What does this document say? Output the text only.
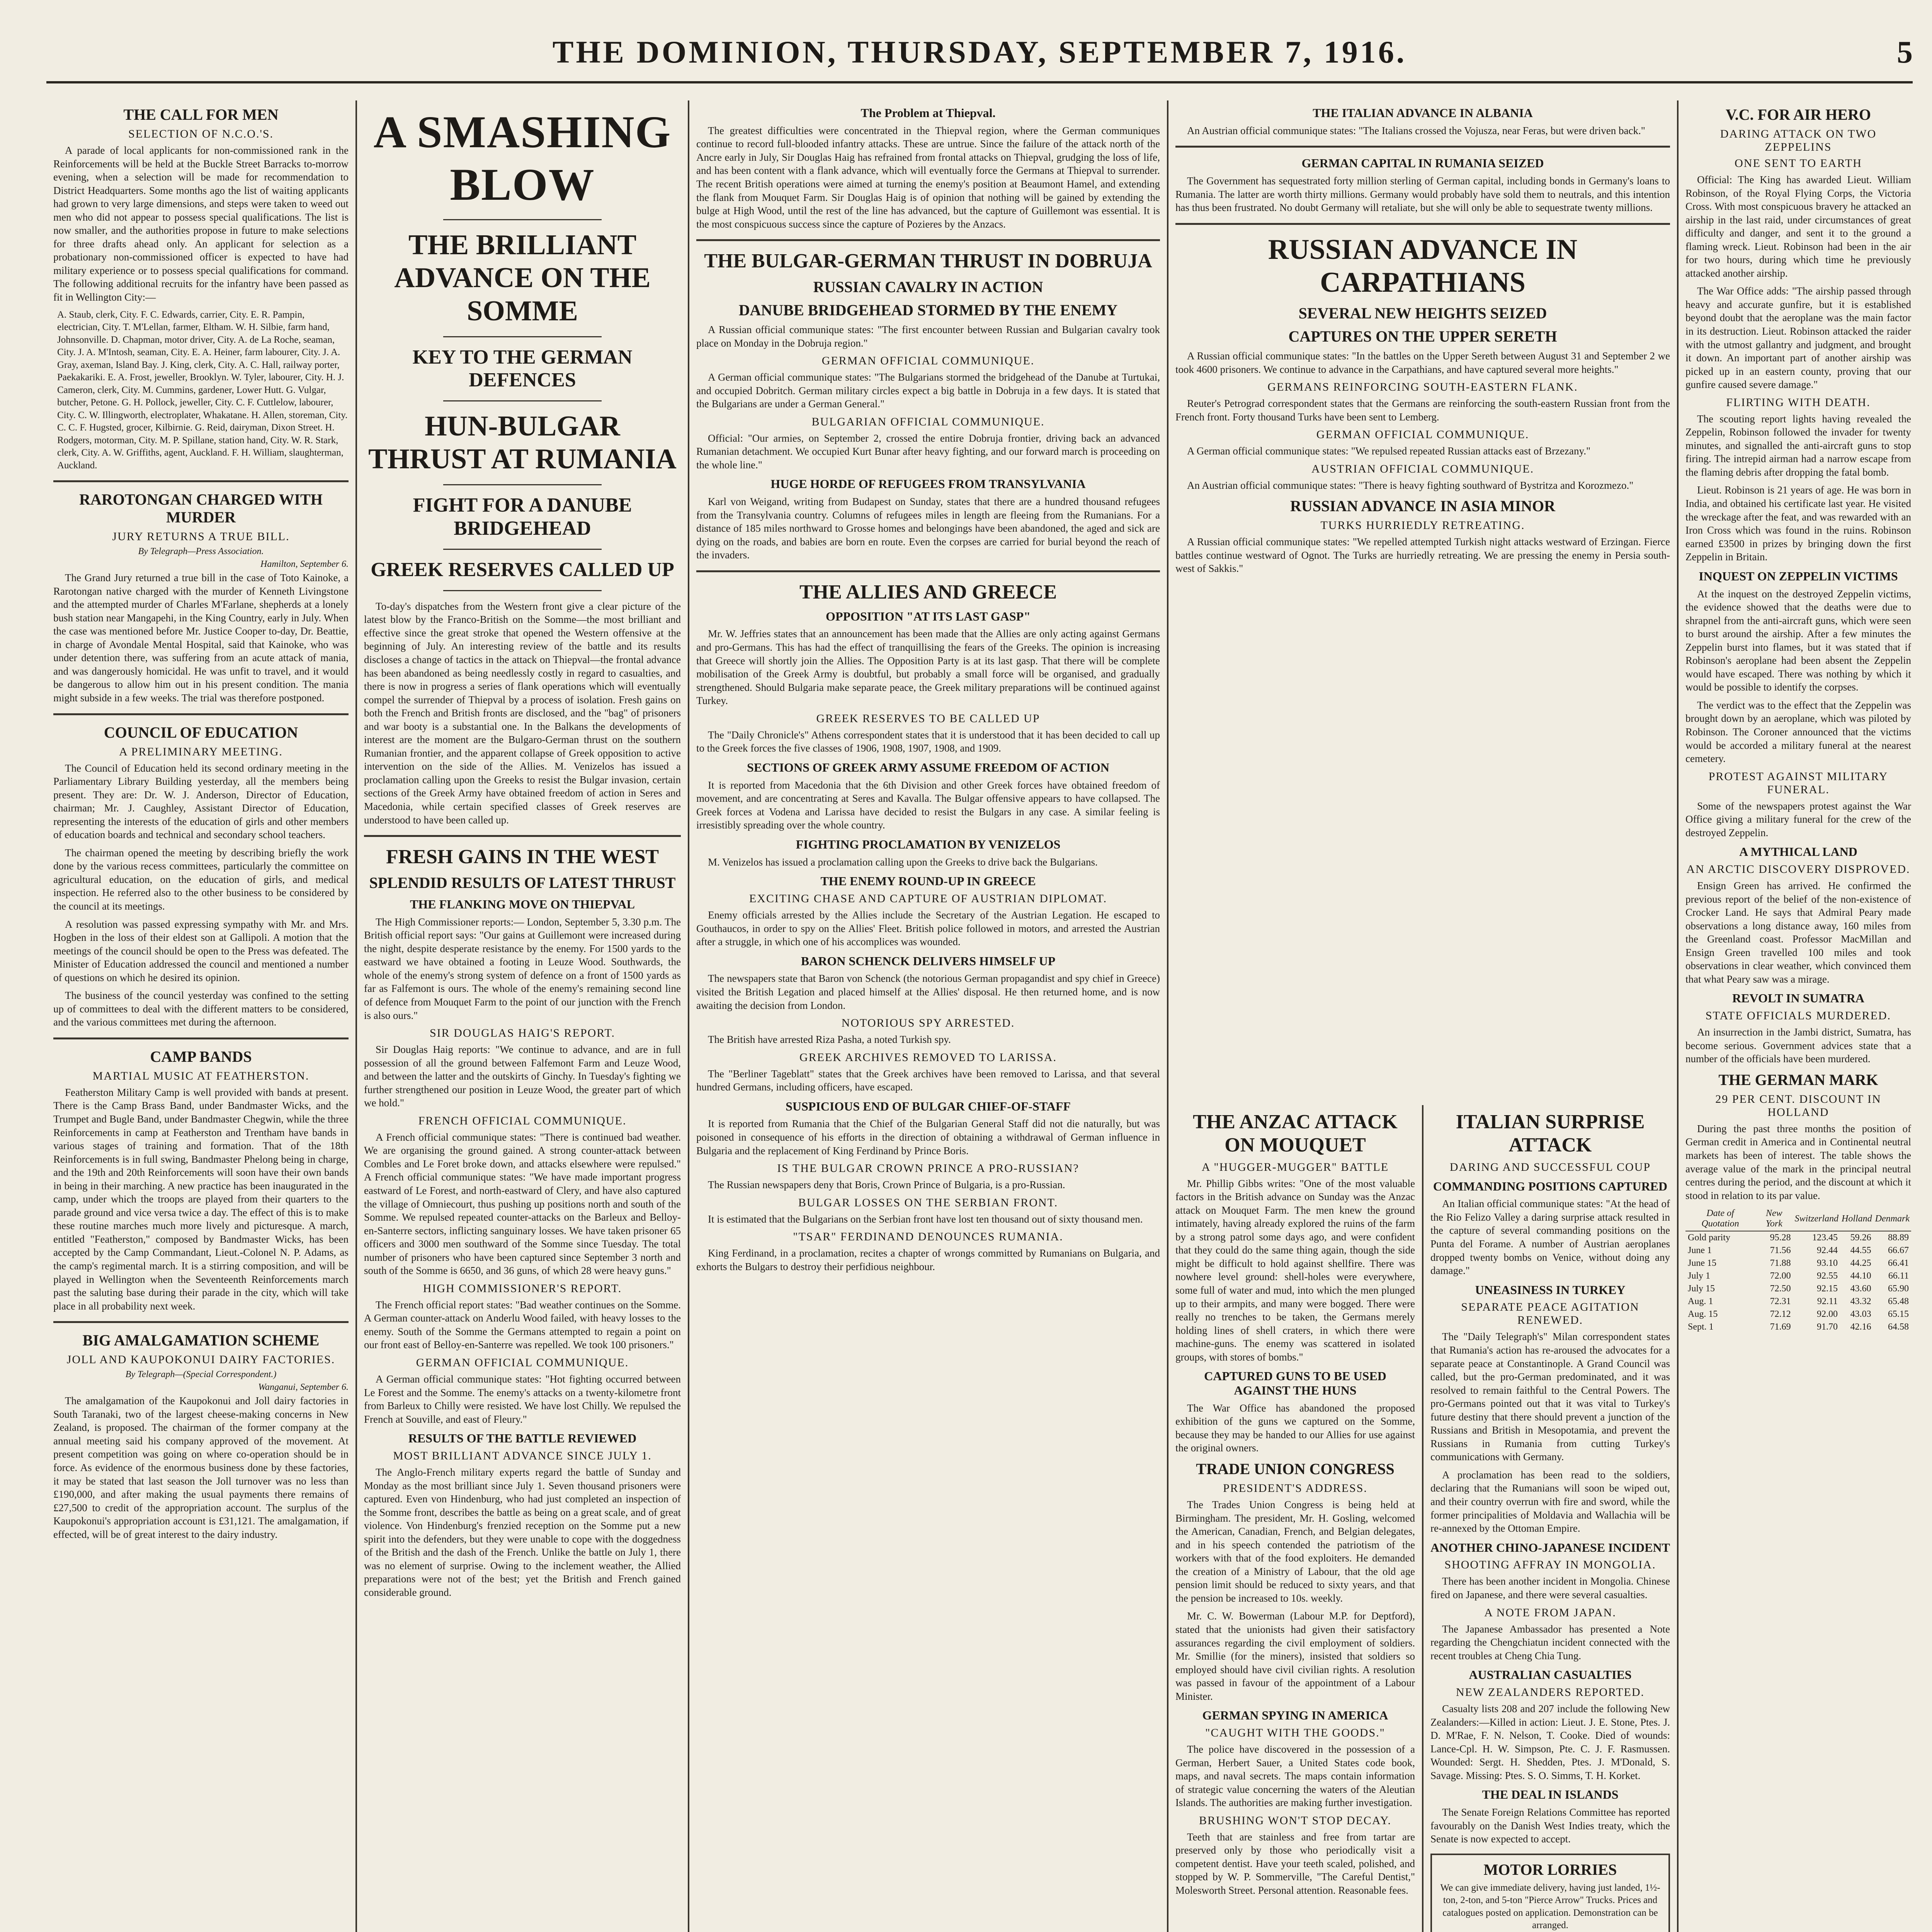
THE DOMINION, THURSDAY, SEPTEMBER 7, 1916.	5
THE CALL FOR MEN
SELECTION OF N.C.O.'S.

A parade of local applicants for non-commissioned rank in the Reinforcements will be held at the Buckle Street Barracks to-morrow evening, when a selection will be made for recommendation to District Headquarters. Some months ago the list of waiting applicants had grown to very large dimensions, and steps were taken to weed out men who did not appear to possess special qualifications. The list is now smaller, and the authorities propose in future to make selections for three drafts ahead only. An applicant for selection as a probationary non-commissioned officer is expected to have had military experience or to possess special qualifications for command. The following additional recruits for the infantry have been passed as fit in Wellington City:—

A. Staub, clerk, City. F. C. Edwards, carrier, City. E. R. Pampin, electrician, City. T. M'Lellan, farmer, Eltham. W. H. Silbie, farm hand, Johnsonville. D. Chapman, motor driver, City. A. de La Roche, seaman, City. J. A. M'Intosh, seaman, City. E. A. Heiner, farm labourer, City. J. A. Gray, axeman, Island Bay. J. King, clerk, City. A. C. Hall, railway porter, Paekakariki. E. A. Frost, jeweller, Brooklyn. W. Tyler, labourer, City. H. J. Cameron, clerk, City. M. Cummins, gardener, Lower Hutt. G. Vulgar, butcher, Petone. G. H. Pollock, jeweller, City. C. F. Cuttlelow, labourer, City. C. W. Illingworth, electroplater, Whakatane. H. Allen, storeman, City. C. C. F. Hugsted, grocer, Kilbirnie. G. Reid, dairyman, Dixon Street. H. Rodgers, motorman, City. M. P. Spillane, station hand, City. W. R. Stark, clerk, City. A. W. Griffiths, agent, Auckland. F. H. William, slaughterman, Auckland.
RAROTONGAN CHARGED WITH MURDER
JURY RETURNS A TRUE BILL.
By Telegraph—Press Association.
Hamilton, September 6.

The Grand Jury returned a true bill in the case of Toto Kainoke, a Rarotongan native charged with the murder of Kenneth Livingstone and the attempted murder of Charles M'Farlane, shepherds at a lonely bush station near Mangapehi, in the King Country, early in July. When the case was mentioned before Mr. Justice Cooper to-day, Dr. Beattie, in charge of Avondale Mental Hospital, said that Kainoke, who was under detention there, was suffering from an acute attack of mania, and was dangerously homicidal. He was unfit to travel, and it would be dangerous to allow him out in his present condition. The mania might subside in a few weeks. The trial was therefore postponed.

COUNCIL OF EDUCATION
A PRELIMINARY MEETING.

The Council of Education held its second ordinary meeting in the Parliamentary Library Building yesterday, all the members being present. They are: Dr. W. J. Anderson, Director of Education, chairman; Mr. J. Caughley, Assistant Director of Education, representing the interests of the education of girls and other members of education boards and technical and secondary school teachers.

The chairman opened the meeting by describing briefly the work done by the various recess committees, particularly the committee on agricultural education, on the education of girls, and medical inspection. He referred also to the other business to be considered by the council at its meetings.

A resolution was passed expressing sympathy with Mr. and Mrs. Hogben in the loss of their eldest son at Gallipoli. A motion that the meetings of the council should be open to the Press was defeated. The Minister of Education addressed the council and mentioned a number of questions on which he desired its opinion.

The business of the council yesterday was confined to the setting up of committees to deal with the different matters to be considered, and the various committees met during the afternoon.

CAMP BANDS
MARTIAL MUSIC AT FEATHERSTON.

Featherston Military Camp is well provided with bands at present. There is the Camp Brass Band, under Bandmaster Wicks, and the Trumpet and Bugle Band, under Bandmaster Chegwin, while the three Reinforcements in camp at Featherston and Trentham have bands in various stages of training and formation. That of the 18th Reinforcements is in full swing, Bandmaster Phelong being in charge, and the 19th and 20th Reinforcements will soon have their own bands in being in their marching. A new practice has been inaugurated in the camp, under which the troops are played from their quarters to the parade ground and vice versa twice a day. The effect of this is to make these routine marches much more lively and picturesque. A march, entitled "Featherston," composed by Bandmaster Wicks, has been accepted by the Camp Commandant, Lieut.-Colonel N. P. Adams, as the camp's regimental march. It is a stirring composition, and will be played in Wellington when the Seventeenth Reinforcements march past the saluting base during their parade in the city, which will take place in all probability next week.

BIG AMALGAMATION SCHEME
JOLL AND KAUPOKONUI DAIRY FACTORIES.
By Telegraph—(Special Correspondent.)
Wanganui, September 6.

The amalgamation of the Kaupokonui and Joll dairy factories in South Taranaki, two of the largest cheese-making concerns in New Zealand, is proposed. The chairman of the former company at the annual meeting said his company approved of the movement. At present competition was going on where co-operation should be in force. As evidence of the enormous business done by these factories, it may be stated that last season the Joll turnover was no less than £190,000, and after making the usual payments there remains of £27,500 to credit of the appropriation account. The surplus of the Kaupokonui's appropriation account is £31,121. The amalgamation, if effected, will be of great interest to the dairy industry.

A SMASHING BLOW
THE BRILLIANT ADVANCE ON THE SOMME
KEY TO THE GERMAN DEFENCES
HUN-BULGAR THRUST AT RUMANIA
FIGHT FOR A DANUBE BRIDGEHEAD
GREEK RESERVES CALLED UP

To-day's dispatches from the Western front give a clear picture of the latest blow by the Franco-British on the Somme—the most brilliant and effective since the great stroke that opened the Western offensive at the beginning of July. An interesting review of the battle and its results discloses a change of tactics in the attack on Thiepval—the frontal advance has been abandoned as being needlessly costly in regard to casualties, and there is now in progress a series of flank operations which will eventually compel the surrender of Thiepval by a process of isolation. Fresh gains on both the French and British fronts are disclosed, and the "bag" of prisoners and war booty is a substantial one. In the Balkans the developments of interest are the moment are the Bulgaro-German thrust on the southern Rumanian frontier, and the apparent collapse of Greek opposition to active intervention on the side of the Allies. M. Venizelos has issued a proclamation calling upon the Greeks to resist the Bulgar invasion, certain sections of the Greek Army have obtained freedom of action in Seres and Macedonia, while certain specified classes of Greek reserves are understood to have been called up.

FRESH GAINS IN THE WEST
SPLENDID RESULTS OF LATEST THRUST
THE FLANKING MOVE ON THIEPVAL

The High Commissioner reports:— London, September 5, 3.30 p.m. The British official report says: "Our gains at Guillemont were increased during the night, despite desperate resistance by the enemy. For 1500 yards to the eastward we have obtained a footing in Leuze Wood. Southwards, the whole of the enemy's strong system of defence on a front of 1500 yards as far as Falfemont is ours. The whole of the enemy's remaining second line of defence from Mouquet Farm to the point of our junction with the French is also ours."

SIR DOUGLAS HAIG'S REPORT.

Sir Douglas Haig reports: "We continue to advance, and are in full possession of all the ground between Falfemont Farm and Leuze Wood, and between the latter and the outskirts of Ginchy. In Tuesday's fighting we further strengthened our position in Leuze Wood, the greater part of which we hold."

FRENCH OFFICIAL COMMUNIQUE.

A French official communique states: "There is continued bad weather. We are organising the ground gained. A strong counter-attack between Combles and Le Foret broke down, and attacks elsewhere were repulsed." A French official communique states: "We have made important progress eastward of Le Forest, and north-eastward of Clery, and have also captured the village of Omniecourt, thus pushing up positions north and south of the Somme. We repulsed repeated counter-attacks on the Barleux and Belloy-en-Santerre sectors, inflicting sanguinary losses. We have taken prisoner 65 officers and 3000 men southward of the Somme since Tuesday. The total number of prisoners who have been captured since September 3 north and south of the Somme is 6650, and 36 guns, of which 28 were heavy guns."

HIGH COMMISSIONER'S REPORT.

The French official report states: "Bad weather continues on the Somme. A German counter-attack on Anderlu Wood failed, with heavy losses to the enemy. South of the Somme the Germans attempted to regain a point on our front east of Belloy-en-Santerre was repelled. We took 100 prisoners."

GERMAN OFFICIAL COMMUNIQUE.

A German official communique states: "Hot fighting occurred between Le Forest and the Somme. The enemy's attacks on a twenty-kilometre front from Barleux to Chilly were resisted. We have lost Chilly. We repulsed the French at Souville, and east of Fleury."

RESULTS OF THE BATTLE REVIEWED
MOST BRILLIANT ADVANCE SINCE JULY 1.

The Anglo-French military experts regard the battle of Sunday and Monday as the most brilliant since July 1. Seven thousand prisoners were captured. Even von Hindenburg, who had just completed an inspection of the Somme front, describes the battle as being on a great scale, and of great violence. Von Hindenburg's frenzied reception on the Somme put a new spirit into the defenders, but they were unable to cope with the doggedness of the British and the dash of the French. Unlike the battle on July 1, there was no element of surprise. Owing to the inclement weather, the Allied preparations were not of the best; yet the British and French gained considerable ground.

The Problem at Thiepval.

The greatest difficulties were concentrated in the Thiepval region, where the German communiques continue to record full-blooded infantry attacks. These are untrue. Since the failure of the attack north of the Ancre early in July, Sir Douglas Haig has refrained from frontal attacks on Thiepval, grudging the loss of life, and has been content with a flank advance, which will eventually force the Germans at Thiepval to surrender. The recent British operations were aimed at turning the enemy's position at Beaumont Hamel, and extending the flank from Mouquet Farm. Sir Douglas Haig is of opinion that nothing will be gained by extending the bulge at High Wood, until the rest of the line has advanced, but the capture of Guillemont was essential. It is the most conspicuous success since the capture of Pozieres by the Anzacs.

THE BULGAR-GERMAN THRUST IN DOBRUJA
RUSSIAN CAVALRY IN ACTION
DANUBE BRIDGEHEAD STORMED BY THE ENEMY

A Russian official communique states: "The first encounter between Russian and Bulgarian cavalry took place on Monday in the Dobruja region."

GERMAN OFFICIAL COMMUNIQUE.

A German official communique states: "The Bulgarians stormed the bridgehead of the Danube at Turtukai, and occupied Dobritch. German military circles expect a big battle in Dobruja in a few days. It is stated that the Bulgarians are under a German General."

BULGARIAN OFFICIAL COMMUNIQUE.

Official: "Our armies, on September 2, crossed the entire Dobruja frontier, driving back an advanced Rumanian detachment. We occupied Kurt Bunar after heavy fighting, and our forward march is proceeding on the whole line."

HUGE HORDE OF REFUGEES FROM TRANSYLVANIA

Karl von Weigand, writing from Budapest on Sunday, states that there are a hundred thousand refugees from the Transylvania country. Columns of refugees miles in length are fleeing from the Rumanians. For a distance of 185 miles northward to Grosse homes and belongings have been abandoned, the aged and sick are dying on the roads, and babies are born en route. Even the corpses are carried for burial beyond the reach of the invaders.

THE ALLIES AND GREECE
OPPOSITION "AT ITS LAST GASP"

Mr. W. Jeffries states that an announcement has been made that the Allies are only acting against Germans and pro-Germans. This has had the effect of tranquillising the fears of the Greeks. The opinion is increasing that Greece will shortly join the Allies. The Opposition Party is at its last gasp. That there will be complete mobilisation of the Greek Army is doubtful, but probably a small force will be organised, and gradually strengthened. Should Bulgaria make separate peace, the Greek military preparations will be continued against Turkey.

GREEK RESERVES TO BE CALLED UP

The "Daily Chronicle's" Athens correspondent states that it is understood that it has been decided to call up to the Greek forces the five classes of 1906, 1908, 1907, 1908, and 1909.

SECTIONS OF GREEK ARMY ASSUME FREEDOM OF ACTION

It is reported from Macedonia that the 6th Division and other Greek forces have obtained freedom of movement, and are concentrating at Seres and Kavalla. The Bulgar offensive appears to have collapsed. The Greek forces at Vodena and Larissa have decided to resist the Bulgars in any case. A similar feeling is irresistibly spreading over the whole country.

FIGHTING PROCLAMATION BY VENIZELOS

M. Venizelos has issued a proclamation calling upon the Greeks to drive back the Bulgarians.

THE ENEMY ROUND-UP IN GREECE
EXCITING CHASE AND CAPTURE OF AUSTRIAN DIPLOMAT.

Enemy officials arrested by the Allies include the Secretary of the Austrian Legation. He escaped to Gouthaucos, in order to spy on the Allies' Fleet. British police followed in motors, and arrested the Austrian after a struggle, in which one of his accomplices was wounded.

BARON SCHENCK DELIVERS HIMSELF UP

The newspapers state that Baron von Schenck (the notorious German propagandist and spy chief in Greece) visited the British Legation and placed himself at the Allies' disposal. He then returned home, and is now awaiting the decision from London.

NOTORIOUS SPY ARRESTED.

The British have arrested Riza Pasha, a noted Turkish spy.

GREEK ARCHIVES REMOVED TO LARISSA.

The "Berliner Tageblatt" states that the Greek archives have been removed to Larissa, and that several hundred Germans, including officers, have escaped.

SUSPICIOUS END OF BULGAR CHIEF-OF-STAFF

It is reported from Rumania that the Chief of the Bulgarian General Staff did not die naturally, but was poisoned in consequence of his efforts in the direction of obtaining a withdrawal of German influence in Bulgaria and the replacement of King Ferdinand by Prince Boris.

IS THE BULGAR CROWN PRINCE A PRO-RUSSIAN?

The Russian newspapers deny that Boris, Crown Prince of Bulgaria, is a pro-Russian.

BULGAR LOSSES ON THE SERBIAN FRONT.

It is estimated that the Bulgarians on the Serbian front have lost ten thousand out of sixty thousand men.

"TSAR" FERDINAND DENOUNCES RUMANIA.

King Ferdinand, in a proclamation, recites a chapter of wrongs committed by Rumanians on Bulgaria, and exhorts the Bulgars to destroy their perfidious neighbour.

THE ITALIAN ADVANCE IN ALBANIA

An Austrian official communique states: "The Italians crossed the Vojusza, near Feras, but were driven back."

GERMAN CAPITAL IN RUMANIA SEIZED

The Government has sequestrated forty million sterling of German capital, including bonds in Germany's loans to Rumania. The latter are worth thirty millions. Germany would probably have sold them to neutrals, and this intention has thus been frustrated. No doubt Germany will retaliate, but she will only be able to sequestrate twenty millions.

RUSSIAN ADVANCE IN CARPATHIANS
SEVERAL NEW HEIGHTS SEIZED
CAPTURES ON THE UPPER SERETH

A Russian official communique states: "In the battles on the Upper Sereth between August 31 and September 2 we took 4600 prisoners. We continue to advance in the Carpathians, and have captured several more heights."

GERMANS REINFORCING SOUTH-EASTERN FLANK.

Reuter's Petrograd correspondent states that the Germans are reinforcing the south-eastern Russian front from the French front. Forty thousand Turks have been sent to Lemberg.

GERMAN OFFICIAL COMMUNIQUE.

A German official communique states: "We repulsed repeated Russian attacks east of Brzezany."

AUSTRIAN OFFICIAL COMMUNIQUE.

An Austrian official communique states: "There is heavy fighting southward of Bystritza and Korozmezo."

RUSSIAN ADVANCE IN ASIA MINOR
TURKS HURRIEDLY RETREATING.

A Russian official communique states: "We repelled attempted Turkish night attacks westward of Erzingan. Fierce battles continue westward of Ognot. The Turks are hurriedly retreating. We are pressing the enemy in Persia south-west of Sakkis."

THE ANZAC ATTACK ON MOUQUET
A "HUGGER-MUGGER" BATTLE

Mr. Phillip Gibbs writes: "One of the most valuable factors in the British advance on Sunday was the Anzac attack on Mouquet Farm. The men knew the ground intimately, having already explored the ruins of the farm by a strong patrol some days ago, and were confident that they could do the same thing again, though the side might be difficult to hold against shellfire. There was nowhere level ground: shell-holes were everywhere, some full of water and mud, into which the men plunged up to their armpits, and many were bogged. There were really no trenches to be taken, the Germans merely holding lines of shell craters, in which there were machine-guns. The enemy was scattered in isolated groups, with stores of bombs."

CAPTURED GUNS TO BE USED AGAINST THE HUNS

The War Office has abandoned the proposed exhibition of the guns we captured on the Somme, because they may be handed to our Allies for use against the original owners.

TRADE UNION CONGRESS
PRESIDENT'S ADDRESS.

The Trades Union Congress is being held at Birmingham. The president, Mr. H. Gosling, welcomed the American, Canadian, French, and Belgian delegates, and in his speech contended the patriotism of the workers with that of the food exploiters. He demanded the creation of a Ministry of Labour, that the old age pension limit should be reduced to sixty years, and that the pension be increased to 10s. weekly.

Mr. C. W. Bowerman (Labour M.P. for Deptford), stated that the unionists had given their satisfactory assurances regarding the civil employment of soldiers. Mr. Smillie (for the miners), insisted that soldiers so employed should have civil civilian rights. A resolution was passed in favour of the appointment of a Labour Minister.

GERMAN SPYING IN AMERICA
"CAUGHT WITH THE GOODS."

The police have discovered in the possession of a German, Herbert Sauer, a United States code book, maps, and naval secrets. The maps contain information of strategic value concerning the waters of the Aleutian Islands. The authorities are making further investigation.

BRUSHING WON'T STOP DECAY.

Teeth that are stainless and free from tartar are preserved only by those who periodically visit a competent dentist. Have your teeth scaled, polished, and stopped by W. P. Sommerville, "The Careful Dentist," Molesworth Street. Personal attention. Reasonable fees.

ITALIAN SURPRISE ATTACK
DARING AND SUCCESSFUL COUP
COMMANDING POSITIONS CAPTURED

An Italian official communique states: "At the head of the Rio Felizo Valley a daring surprise attack resulted in the capture of several commanding positions on the Punta del Forame. A number of Austrian aeroplanes dropped twenty bombs on Venice, without doing any damage."

UNEASINESS IN TURKEY
SEPARATE PEACE AGITATION RENEWED.

The "Daily Telegraph's" Milan correspondent states that Rumania's action has re-aroused the advocates for a separate peace at Constantinople. A Grand Council was called, but the pro-German predominated, and it was resolved to remain faithful to the Central Powers. The pro-Germans pointed out that it was vital to Turkey's future destiny that there should prevent a junction of the Russians and British in Mesopotamia, and prevent the Russians in Rumania from cutting Turkey's communications with Germany.

A proclamation has been read to the soldiers, declaring that the Rumanians will soon be wiped out, and their country overrun with fire and sword, while the former principalities of Moldavia and Wallachia will be re-annexed by the Ottoman Empire.

ANOTHER CHINO-JAPANESE INCIDENT
SHOOTING AFFRAY IN MONGOLIA.

There has been another incident in Mongolia. Chinese fired on Japanese, and there were several casualties.

A NOTE FROM JAPAN.

The Japanese Ambassador has presented a Note regarding the Chengchiatun incident connected with the recent troubles at Cheng Chia Tung.

AUSTRALIAN CASUALTIES
NEW ZEALANDERS REPORTED.

Casualty lists 208 and 207 include the following New Zealanders:—Killed in action: Lieut. J. E. Stone, Ptes. J. D. M'Rae, F. N. Nelson, T. Cooke. Died of wounds: Lance-Cpl. H. W. Simpson, Pte. C. J. F. Rasmussen. Wounded: Sergt. H. Shedden, Ptes. J. M'Donald, S. Savage. Missing: Ptes. S. O. Simms, T. H. Korket.

THE DEAL IN ISLANDS

The Senate Foreign Relations Committee has reported favourably on the Danish West Indies treaty, which the Senate is now expected to accept.

MOTOR LORRIES
We can give immediate delivery, having just landed, 1½-ton, 2-ton, and 5-ton "Pierce Arrow" Trucks. Prices and catalogues posted on application. Demonstration can be arranged.
V.C. FOR AIR HERO
DARING ATTACK ON TWO ZEPPELINS
ONE SENT TO EARTH

Official: The King has awarded Lieut. William Robinson, of the Royal Flying Corps, the Victoria Cross. With most conspicuous bravery he attacked an airship in the last raid, under circumstances of great difficulty and danger, and sent it to the ground a flaming wreck. Lieut. Robinson had been in the air for two hours, during which time he previously attacked another airship.

The War Office adds: "The airship passed through heavy and accurate gunfire, but it is established beyond doubt that the aeroplane was the main factor in its destruction. Lieut. Robinson attacked the raider with the utmost gallantry and judgment, and brought it down. An important part of another airship was picked up in an eastern county, proving that our gunfire caused severe damage."

FLIRTING WITH DEATH.

The scouting report lights having revealed the Zeppelin, Robinson followed the invader for twenty minutes, and signalled the anti-aircraft guns to stop firing. The intrepid airman had a narrow escape from the flaming debris after dropping the fatal bomb.

Lieut. Robinson is 21 years of age. He was born in India, and obtained his certificate last year. He visited the wreckage after the feat, and was rewarded with an Iron Cross which was found in the ruins. Robinson earned £3500 in prizes by bringing down the first Zeppelin in Britain.

INQUEST ON ZEPPELIN VICTIMS

At the inquest on the destroyed Zeppelin victims, the evidence showed that the deaths were due to shrapnel from the anti-aircraft guns, which were seen to burst around the airship. After a few minutes the Zeppelin burst into flames, but it was stated that if Robinson's aeroplane had been absent the Zeppelin would have escaped. There was nothing by which it would be possible to identify the corpses.

The verdict was to the effect that the Zeppelin was brought down by an aeroplane, which was piloted by Robinson. The Coroner announced that the victims would be accorded a military funeral at the nearest cemetery.

PROTEST AGAINST MILITARY FUNERAL.

Some of the newspapers protest against the War Office giving a military funeral for the crew of the destroyed Zeppelin.

A MYTHICAL LAND
AN ARCTIC DISCOVERY DISPROVED.

Ensign Green has arrived. He confirmed the previous report of the belief of the non-existence of Crocker Land. He says that Admiral Peary made observations a long distance away, 160 miles from the Greenland coast. Professor MacMillan and Ensign Green travelled 100 miles and took observations in clear weather, which convinced them that what Peary saw was a mirage.

REVOLT IN SUMATRA
STATE OFFICIALS MURDERED.

An insurrection in the Jambi district, Sumatra, has become serious. Government advices state that a number of the officials have been murdered.

THE GERMAN MARK
29 PER CENT. DISCOUNT IN HOLLAND

During the past three months the position of German credit in America and in Continental neutral markets has been of interest. The table shows the average value of the mark in the principal neutral centres during the period, and the discount at which it stood in relation to its par value.

Date of Quotation	New York	Switzerland	Holland	Denmark
Gold parity	95.28	123.45	59.26	88.89
June 1	71.56	92.44	44.55	66.67
June 15	71.88	93.10	44.25	66.41
July 1	72.00	92.55	44.10	66.11
July 15	72.50	92.15	43.60	65.90
Aug. 1	72.31	92.11	43.32	65.48
Aug. 15	72.12	92.00	43.03	65.15
Sept. 1	71.69	91.70	42.16	64.58
